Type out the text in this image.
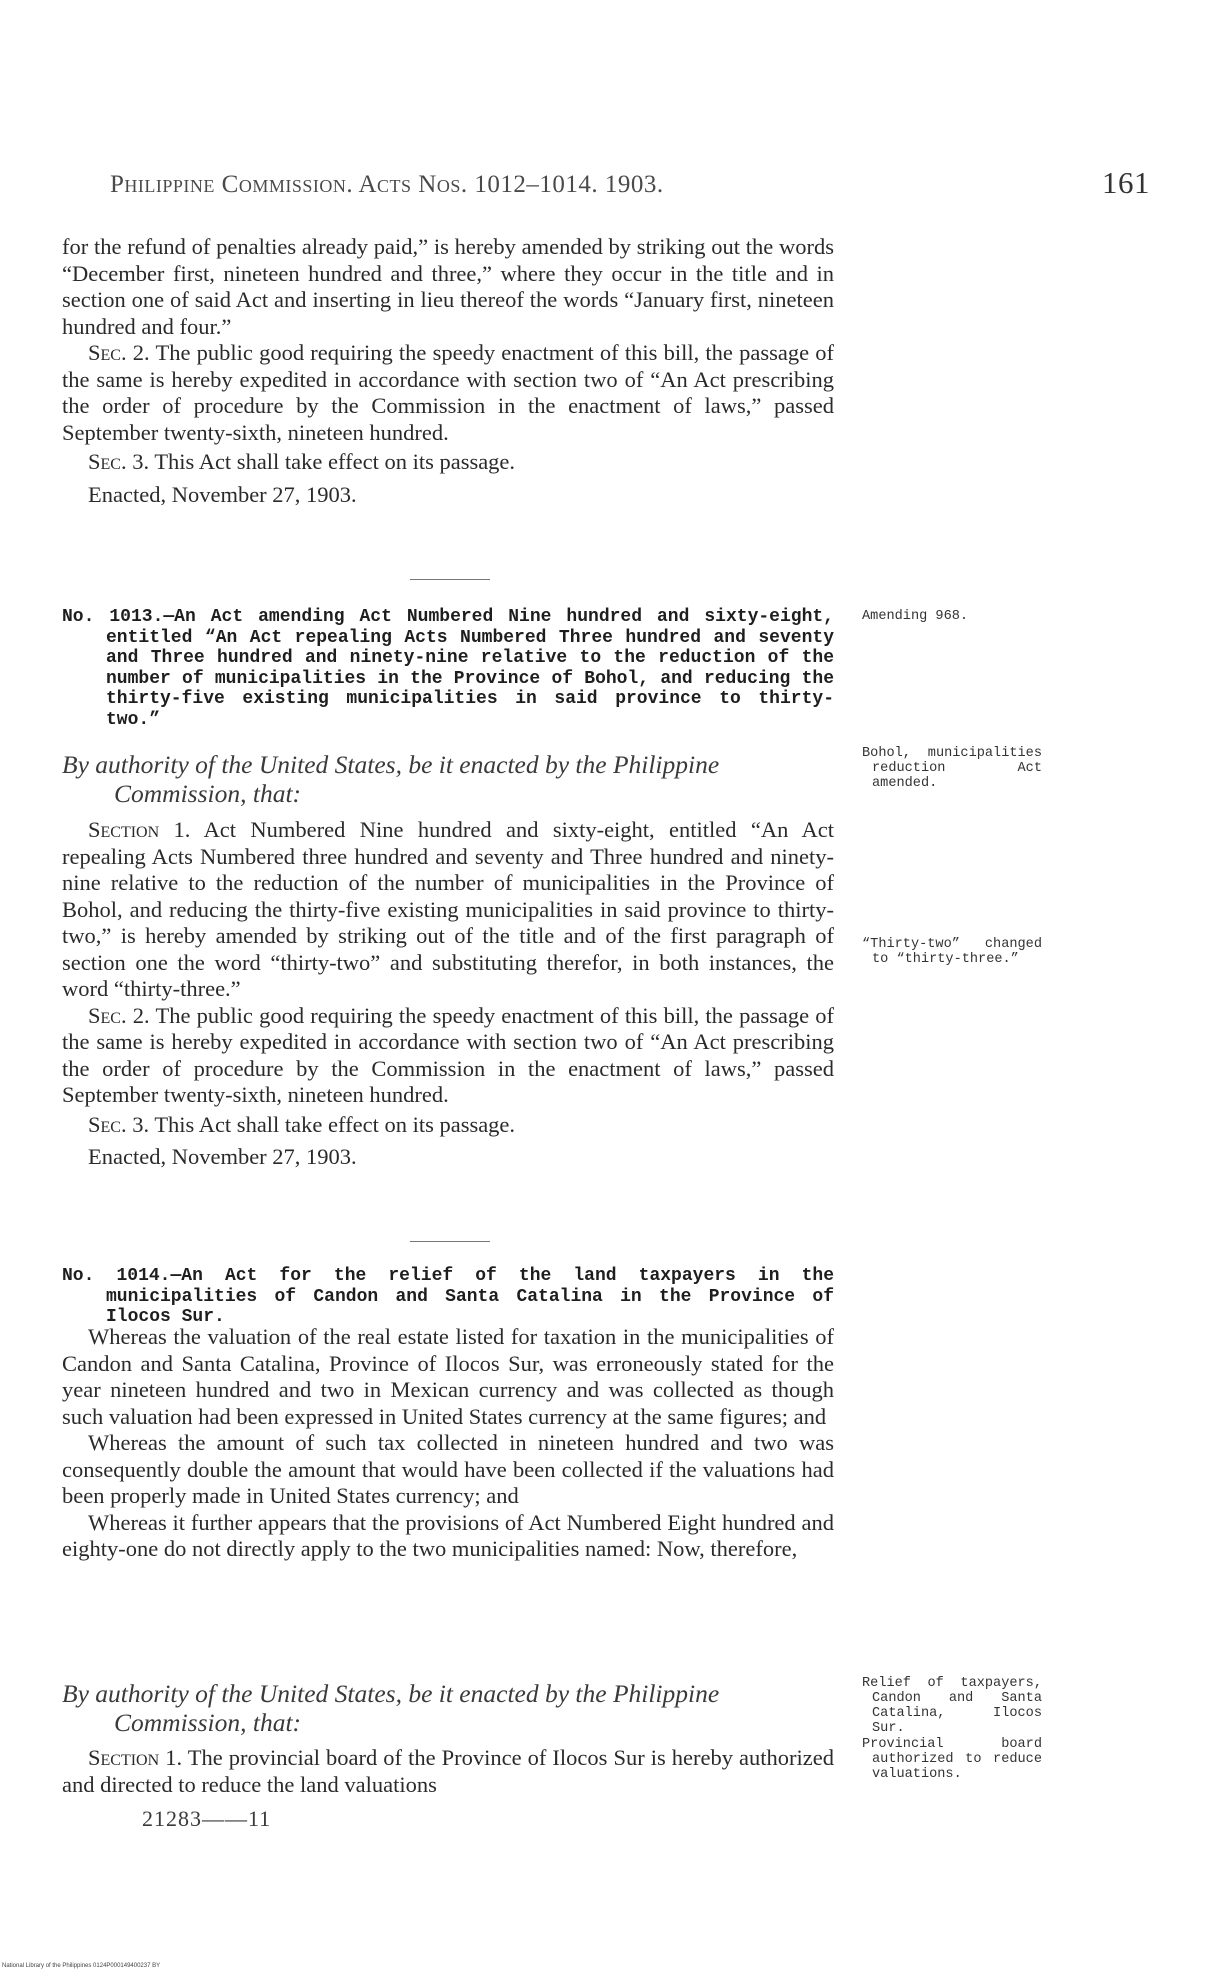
Philippine Commission. Acts Nos. 1012–1014. 1903.	161

for the refund of penalties already paid,” is hereby amended by striking out the words “December first, nineteen hundred and three,” where they occur in the title and in section one of said Act and inserting in lieu thereof the words “January first, nineteen hundred and four.”

Sec. 2. The public good requiring the speedy enactment of this bill, the passage of the same is hereby expedited in accordance with section two of “An Act prescribing the order of procedure by the Commission in the enactment of laws,” passed September twenty-sixth, nineteen hundred.

Sec. 3. This Act shall take effect on its passage.

Enacted, November 27, 1903.

No. 1013.—An Act amending Act Numbered Nine hundred and sixty-eight, entitled “An Act repealing Acts Numbered Three hundred and seventy and Three hundred and ninety-nine relative to the reduction of the number of municipalities in the Province of Bohol, and reducing the thirty-five existing municipalities in said province to thirty-two.”
Amending 968.
By authority of the United States, be it enacted by the Philippine
Commission, that:
Bohol, municipalities reduction Act amended.

Section 1. Act Numbered Nine hundred and sixty-eight, entitled “An Act repealing Acts Numbered three hundred and seventy and Three hundred and ninety-nine relative to the reduction of the number of municipalities in the Province of Bohol, and reducing the thirty-five existing municipalities in said province to thirty-two,” is hereby amended by striking out of the title and of the first paragraph of section one the word “thirty-two” and substituting therefor, in both instances, the word “thirty-three.”

Sec. 2. The public good requiring the speedy enactment of this bill, the passage of the same is hereby expedited in accordance with section two of “An Act prescribing the order of procedure by the Commission in the enactment of laws,” passed September twenty-sixth, nineteen hundred.

Sec. 3. This Act shall take effect on its passage.

Enacted, November 27, 1903.

“Thirty-two” changed to “thirty-three.”
No. 1014.—An Act for the relief of the land taxpayers in the municipalities of Candon and Santa Catalina in the Province of Ilocos Sur.

Whereas the valuation of the real estate listed for taxation in the municipalities of Candon and Santa Catalina, Province of Ilocos Sur, was erroneously stated for the year nineteen hundred and two in Mexican currency and was collected as though such valuation had been expressed in United States currency at the same figures; and

Whereas the amount of such tax collected in nineteen hundred and two was consequently double the amount that would have been collected if the valuations had been properly made in United States currency; and

Whereas it further appears that the provisions of Act Numbered Eight hundred and eighty-one do not directly apply to the two municipalities named: Now, therefore,

By authority of the United States, be it enacted by the Philippine
Commission, that:
Relief of taxpayers, Candon and Santa Catalina, Ilocos Sur.

Section 1. The provincial board of the Province of Ilocos Sur is hereby authorized and directed to reduce the land valuations

Provincial board authorized to reduce valuations.
21283——11
National Library of the Philippines 0124P000149400237 BY
